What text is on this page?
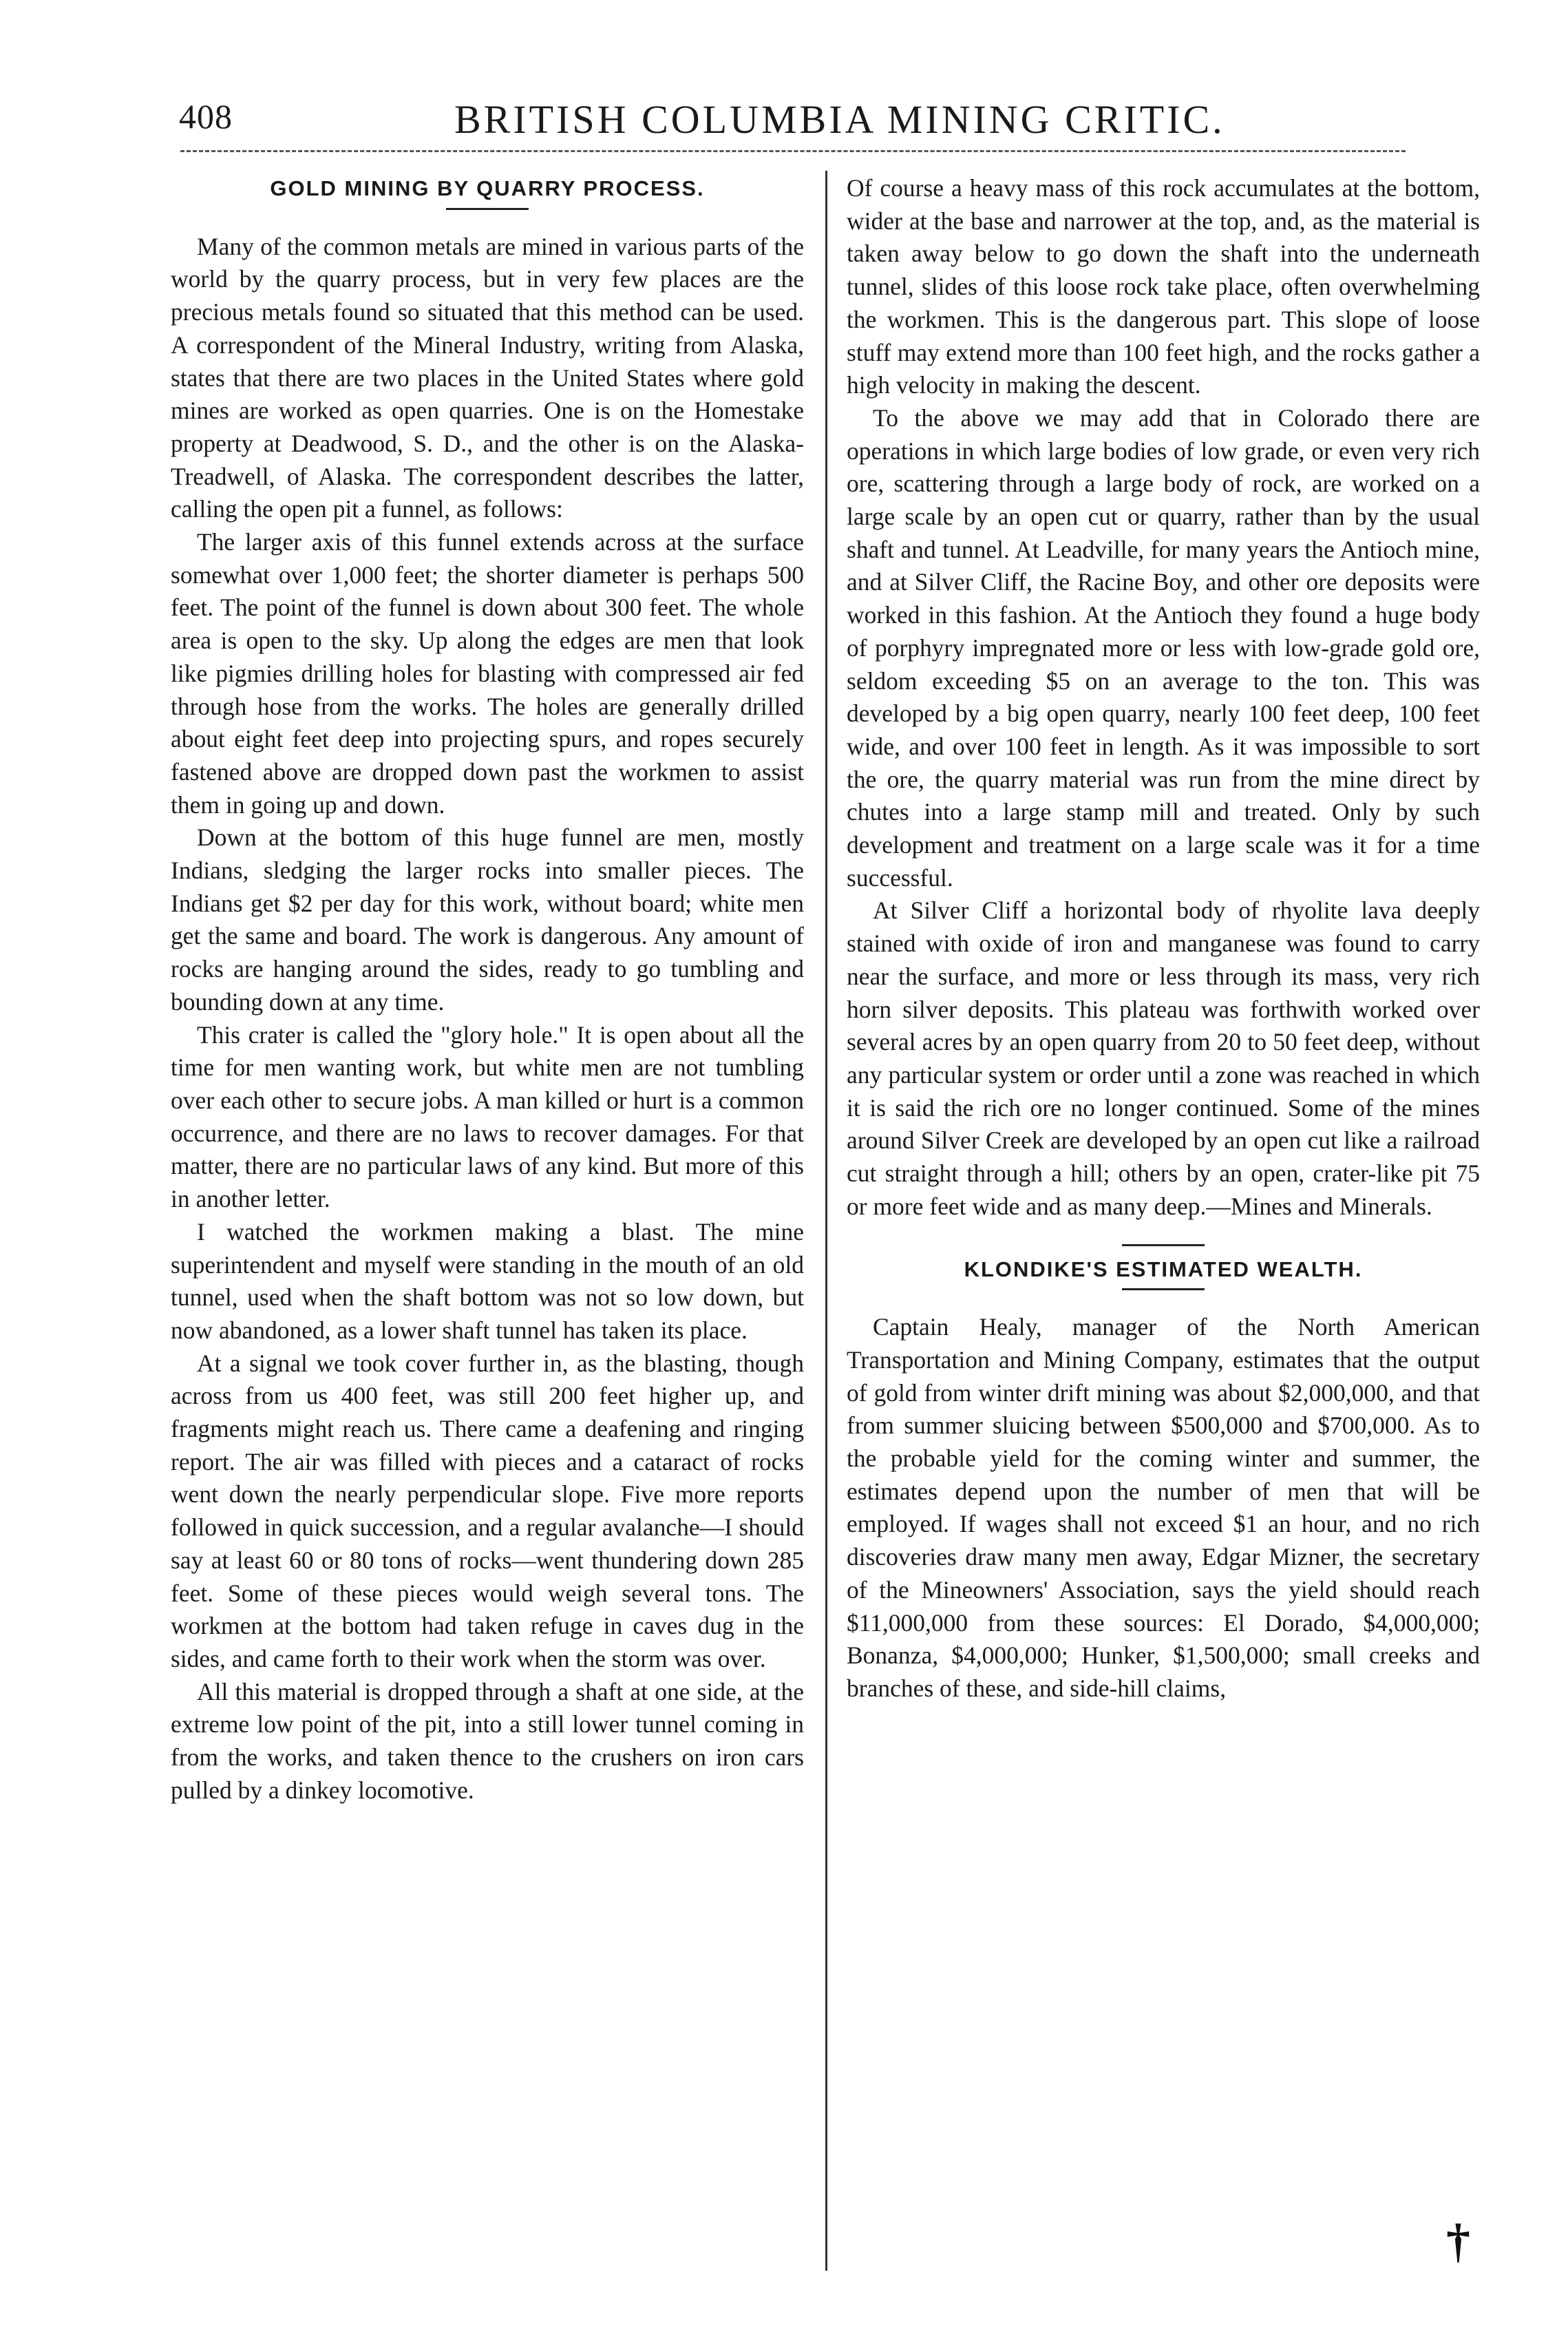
408	BRITISH COLUMBIA MINING CRITIC.
GOLD MINING BY QUARRY PROCESS.

Many of the common metals are mined in various parts of the world by the quarry process, but in very few places are the precious metals found so situated that this method can be used. A correspondent of the Mineral Industry, writing from Alaska, states that there are two places in the United States where gold mines are worked as open quarries. One is on the Homestake property at Deadwood, S. D., and the other is on the Alaska-Treadwell, of Alaska. The correspondent describes the latter, calling the open pit a funnel, as follows:

The larger axis of this funnel extends across at the surface somewhat over 1,000 feet; the shorter diameter is perhaps 500 feet. The point of the funnel is down about 300 feet. The whole area is open to the sky. Up along the edges are men that look like pigmies drilling holes for blasting with compressed air fed through hose from the works. The holes are generally drilled about eight feet deep into projecting spurs, and ropes securely fastened above are dropped down past the workmen to assist them in going up and down.

Down at the bottom of this huge funnel are men, mostly Indians, sledging the larger rocks into smaller pieces. The Indians get $2 per day for this work, without board; white men get the same and board. The work is dangerous. Any amount of rocks are hanging around the sides, ready to go tumbling and bounding down at any time.

This crater is called the "glory hole." It is open about all the time for men wanting work, but white men are not tumbling over each other to secure jobs. A man killed or hurt is a common occurrence, and there are no laws to recover damages. For that matter, there are no particular laws of any kind. But more of this in another letter.

I watched the workmen making a blast. The mine superintendent and myself were standing in the mouth of an old tunnel, used when the shaft bottom was not so low down, but now abandoned, as a lower shaft tunnel has taken its place.

At a signal we took cover further in, as the blasting, though across from us 400 feet, was still 200 feet higher up, and fragments might reach us. There came a deafening and ringing report. The air was filled with pieces and a cataract of rocks went down the nearly perpendicular slope. Five more reports followed in quick succession, and a regular avalanche—I should say at least 60 or 80 tons of rocks—went thundering down 285 feet. Some of these pieces would weigh several tons. The workmen at the bottom had taken refuge in caves dug in the sides, and came forth to their work when the storm was over.

All this material is dropped through a shaft at one side, at the extreme low point of the pit, into a still lower tunnel coming in from the works, and taken thence to the crushers on iron cars pulled by a dinkey locomotive.

Of course a heavy mass of this rock accumulates at the bottom, wider at the base and narrower at the top, and, as the material is taken away below to go down the shaft into the underneath tunnel, slides of this loose rock take place, often overwhelming the workmen. This is the dangerous part. This slope of loose stuff may extend more than 100 feet high, and the rocks gather a high velocity in making the descent.

To the above we may add that in Colorado there are operations in which large bodies of low grade, or even very rich ore, scattering through a large body of rock, are worked on a large scale by an open cut or quarry, rather than by the usual shaft and tunnel. At Leadville, for many years the Antioch mine, and at Silver Cliff, the Racine Boy, and other ore deposits were worked in this fashion. At the Antioch they found a huge body of porphyry impregnated more or less with low-grade gold ore, seldom exceeding $5 on an average to the ton. This was developed by a big open quarry, nearly 100 feet deep, 100 feet wide, and over 100 feet in length. As it was impossible to sort the ore, the quarry material was run from the mine direct by chutes into a large stamp mill and treated. Only by such development and treatment on a large scale was it for a time successful.

At Silver Cliff a horizontal body of rhyolite lava deeply stained with oxide of iron and manganese was found to carry near the surface, and more or less through its mass, very rich horn silver deposits. This plateau was forthwith worked over several acres by an open quarry from 20 to 50 feet deep, without any particular system or order until a zone was reached in which it is said the rich ore no longer continued. Some of the mines around Silver Creek are developed by an open cut like a railroad cut straight through a hill; others by an open, crater-like pit 75 or more feet wide and as many deep.—Mines and Minerals.

KLONDIKE'S ESTIMATED WEALTH.

Captain Healy, manager of the North American Transportation and Mining Company, estimates that the output of gold from winter drift mining was about $2,000,000, and that from summer sluicing between $500,000 and $700,000. As to the probable yield for the coming winter and summer, the estimates depend upon the number of men that will be employed. If wages shall not exceed $1 an hour, and no rich discoveries draw many men away, Edgar Mizner, the secretary of the Mineowners' Association, says the yield should reach $11,000,000 from these sources: El Dorado, $4,000,000; Bonanza, $4,000,000; Hunker, $1,500,000; small creeks and branches of these, and side-hill claims,

†
